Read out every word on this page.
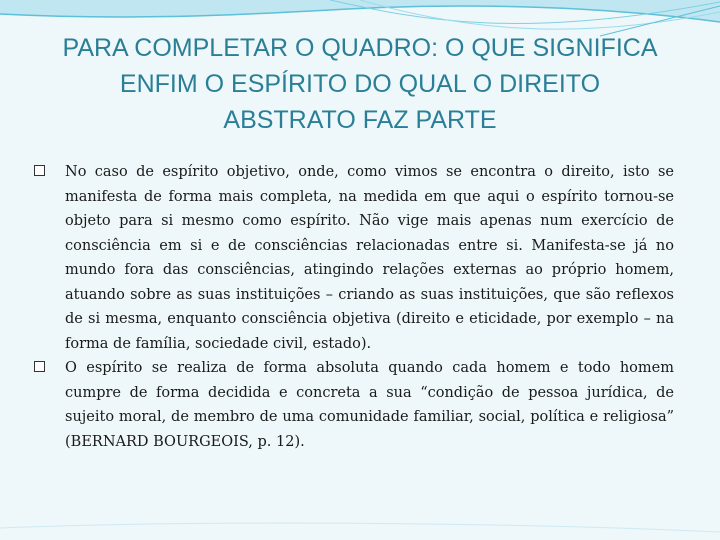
PARA COMPLETAR O QUADRO: O QUE SIGNIFICA
ENFIM O ESPÍRITO DO QUAL O DIREITO
ABSTRATO FAZ PARTE

No caso de espírito objetivo, onde, como vimos se encontra o direito, isto se manifesta de forma mais completa, na medida em que aqui o espírito tornou-se objeto para si mesmo como espírito. Não vige mais apenas num exercício de consciência em si e de consciências relacionadas entre si. Manifesta-se já no mundo fora das consciências, atingindo relações externas ao próprio homem, atuando sobre as suas instituições – criando as suas instituições, que são reflexos de si mesma, enquanto consciência objetiva (direito e eticidade, por exemplo – na forma de família, sociedade civil, estado).

O espírito se realiza de forma absoluta quando cada homem e todo homem cumpre de forma decidida e concreta a sua “condição de pessoa jurídica, de sujeito moral, de membro de uma comunidade familiar, social, política e religiosa” (BERNARD BOURGEOIS, p. 12).
